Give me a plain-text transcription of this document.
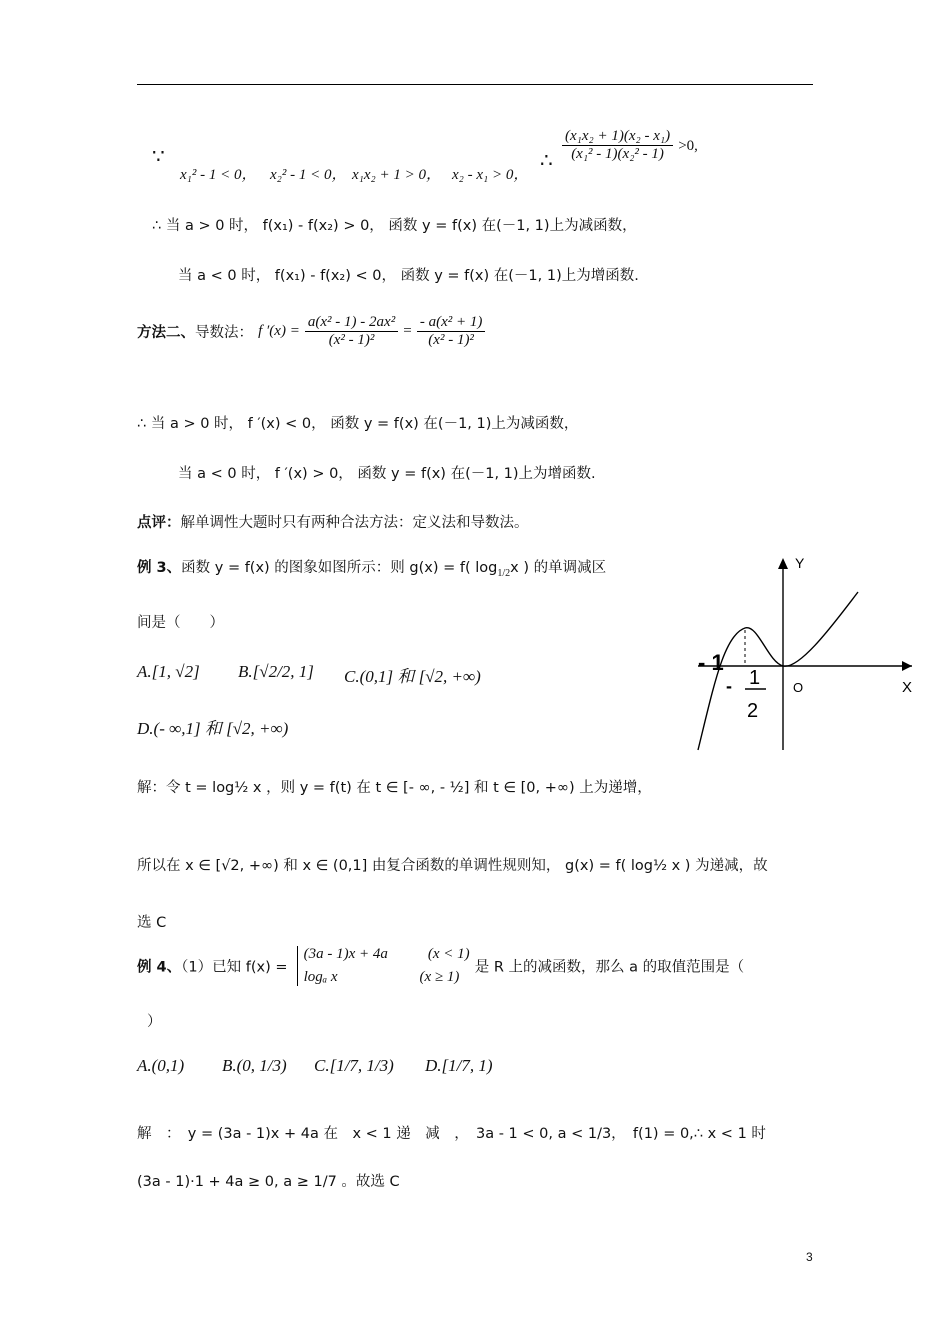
∵
x₁² - 1 < 0， x₂² - 1 < 0， x₁x₂ + 1 > 0， x₂ - x₁ > 0，
∴ $\frac{\text{(x₁x₂ + 1)(x₂ - x₁)}}{\text{(x₁² - 1)(x₂² - 1)}} >0$,
∴ 当 a > 0 时， f(x₁) - f(x₂) > 0， 函数 y = f(x) 在(－1, 1)上为减函数，
当 a < 0 时， f(x₁) - f(x₂) < 0， 函数 y = f(x) 在(－1, 1)上为增函数.
方法二、导数法： f $'(x) = \frac{\text{a(x² - 1) - 2ax²}}{\text{(x² - 1)²}} = \frac{\text{- a(x² + 1)}}{\text{(x² - 1)²}}$
∴ 当 a > 0 时， f ′(x) < 0， 函数 y = f(x) 在(－1, 1)上为减函数，
当 a < 0 时， f ′(x) > 0， 函数 y = f(x) 在(－1, 1)上为增函数.
点评：解单调性大题时只有两种合法方法：定义法和导数法。
例 3、函数 y = f(x) 的图象如图所示：则 g(x) = f( $\log_{1/2}x$ ) 的单调减区
间是（　　）
A.[1, √2] B.[√2/2, 1] C.(0,1] 和 [√2, +∞)
D.(- ∞,1] 和 [√2, +∞)
解：令 t = log½ x ，则 y = f(t) 在 t ∈ [- ∞, - ½] 和 t ∈ [0, +∞) 上为递增，
所以在 x ∈ [√2, +∞) 和 x ∈ (0,1] 由复合函数的单调性规则知， g(x) = f( log½ x ) 为递减，故
选 C
Y
X
O
- 1
- 1
2
例 4、（1）已知 f(x) =
(3a - 1)x + 4a	(x < 1)
logₐ x	(x ≥ 1)
是 R 上的减函数，那么 a 的取值范围是（
）
A.(0,1) B.(0, 1/3) C.[1/7, 1/3) D.[1/7, 1)
解　：　y = (3a - 1)x + 4a 在　x < 1 递　减　，　3a - 1 < 0, a < 1/3，　f(1) = 0,∴ x < 1 时
(3a - 1)·1 + 4a ≥ 0, a ≥ 1/7 。故选 C
3
